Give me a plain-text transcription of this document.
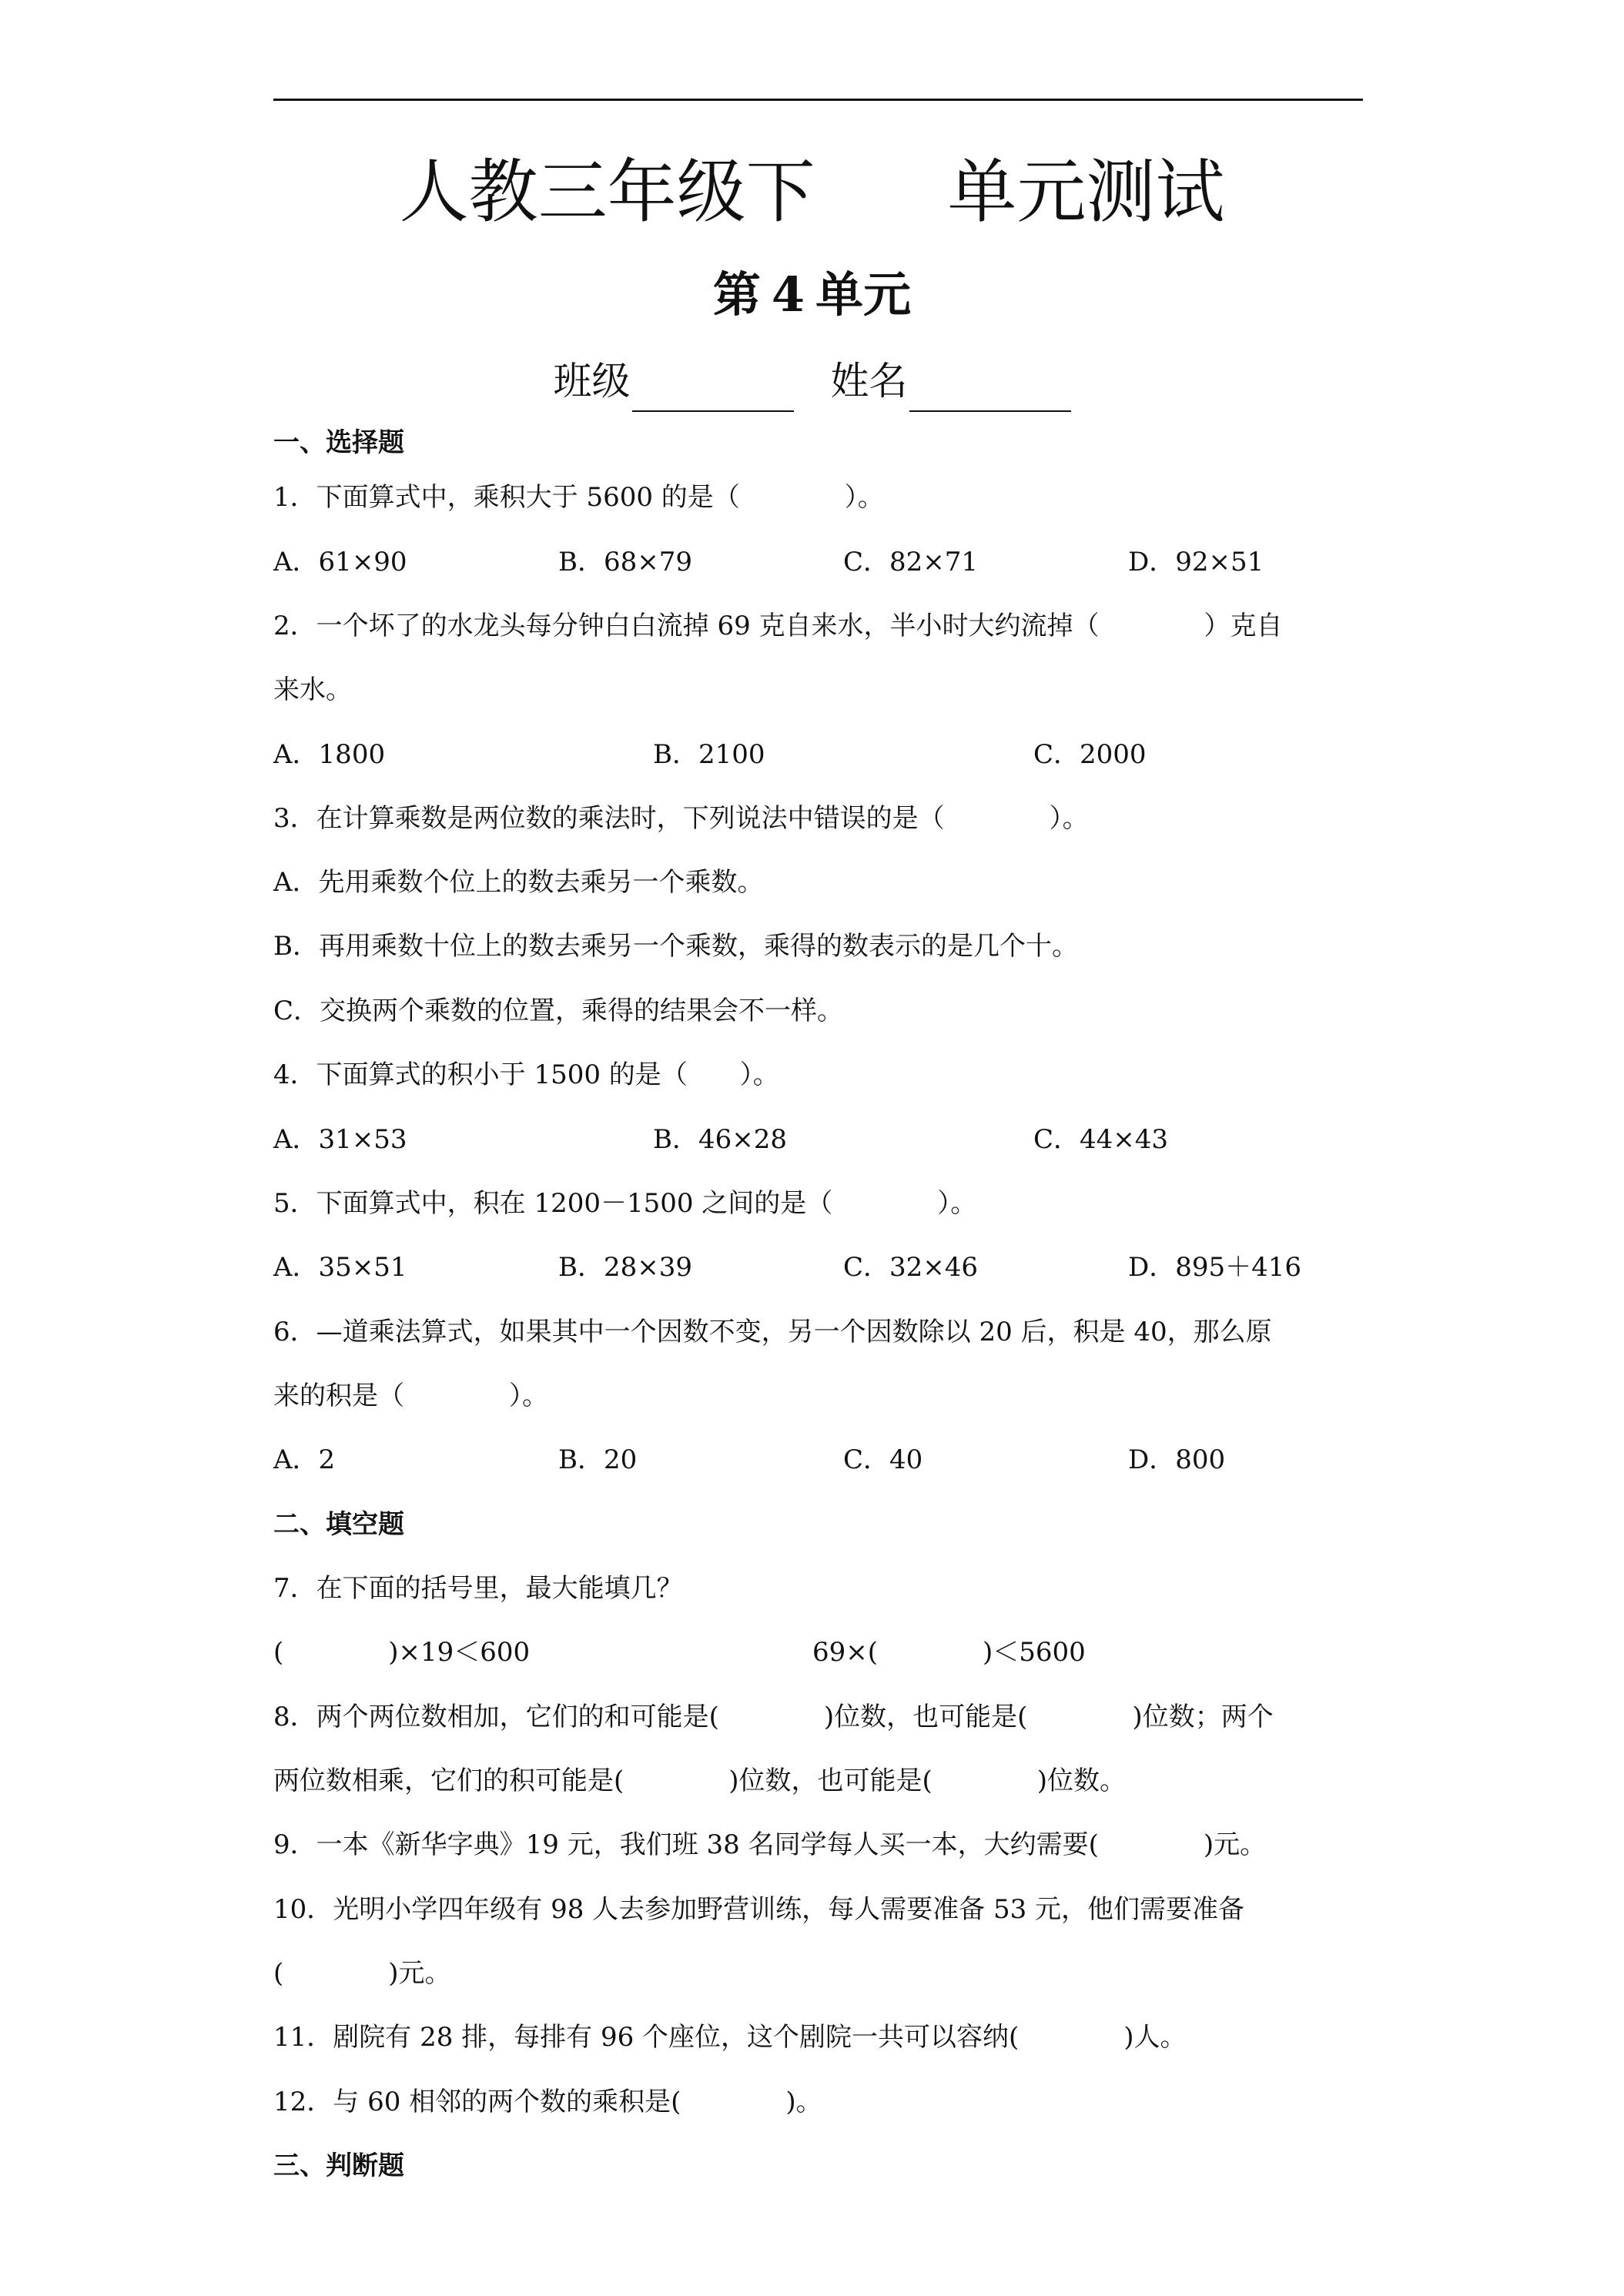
人教三年级下      单元测试
第 4 单元
班级	姓名
一、选择题
1．下面算式中，乘积大于 5600 的是（　　　　）。
A．61×90	B．68×79	C．82×71	D．92×51
2．一个坏了的水龙头每分钟白白流掉 69 克自来水，半小时大约流掉（　　　　）克自
来水。
A．1800	B．2100	C．2000
3．在计算乘数是两位数的乘法时，下列说法中错误的是（　　　　）。
A．先用乘数个位上的数去乘另一个乘数。
B．再用乘数十位上的数去乘另一个乘数，乘得的数表示的是几个十。
C．交换两个乘数的位置，乘得的结果会不一样。
4．下面算式的积小于 1500 的是（　　）。
A．31×53	B．46×28	C．44×43
5．下面算式中，积在 1200－1500 之间的是（　　　　）。
A．35×51	B．28×39	C．32×46	D．895＋416
6．—道乘法算式，如果其中一个因数不变，另一个因数除以 20 后，积是 40，那么原
来的积是（　　　　）。
A．2	B．20	C．40	D．800
二、填空题
7．在下面的括号里，最大能填几？
(　　　　)×19＜600	69×(　　　　)＜5600
8．两个两位数相加，它们的和可能是(　　　　)位数，也可能是(　　　　)位数；两个
两位数相乘，它们的积可能是(　　　　)位数，也可能是(　　　　)位数。
9．一本《新华字典》19 元，我们班 38 名同学每人买一本，大约需要(　　　　)元。
10．光明小学四年级有 98 人去参加野营训练，每人需要准备 53 元，他们需要准备
(　　　　)元。
11．剧院有 28 排，每排有 96 个座位，这个剧院一共可以容纳(　　　　)人。
12．与 60 相邻的两个数的乘积是(　　　　)。
三、判断题
